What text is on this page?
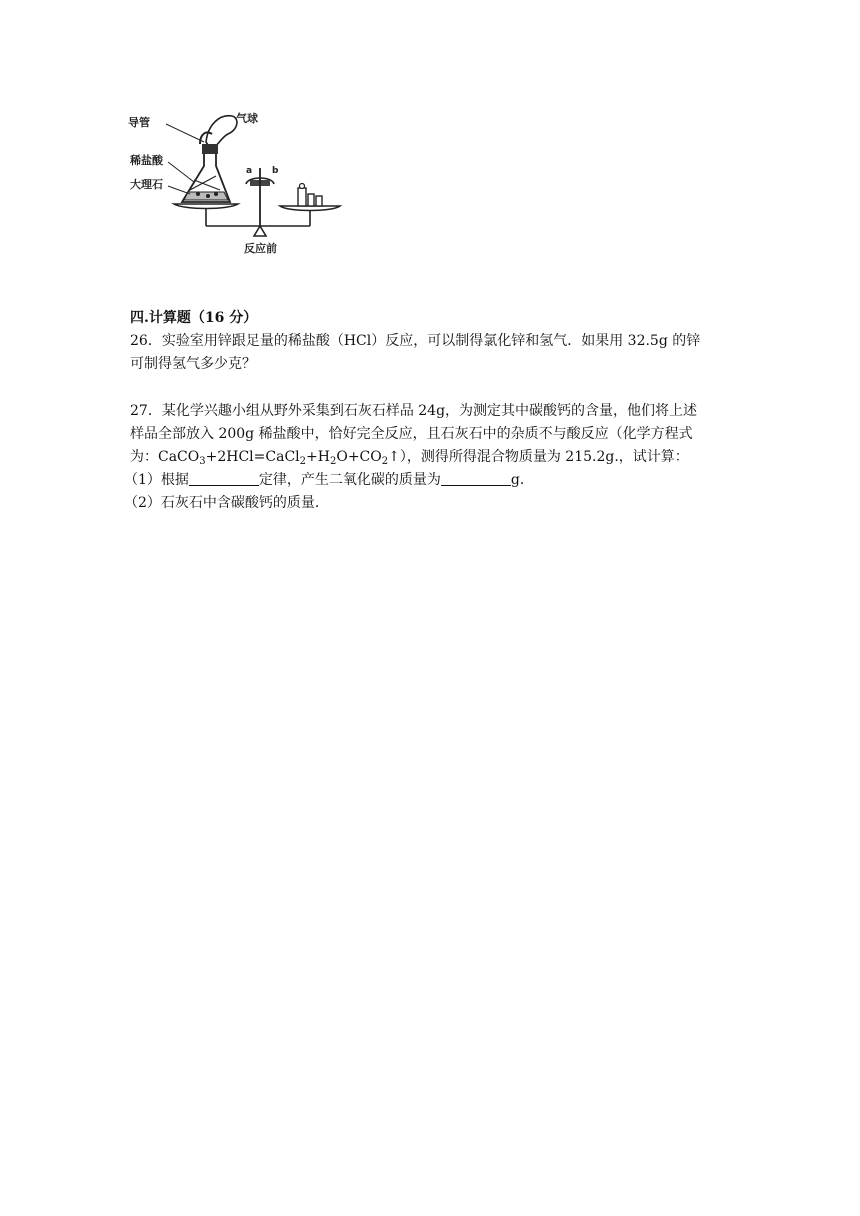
导管	气球
稀盐酸
大理石
a b
反应前
四.计算题（16 分）
26．实验室用锌跟足量的稀盐酸（HCl）反应，可以制得氯化锌和氢气．如果用 32.5g 的锌
可制得氢气多少克？
27．某化学兴趣小组从野外采集到石灰石样品 24g，为测定其中碳酸钙的含量，他们将上述
样品全部放入 200g 稀盐酸中，恰好完全反应，且石灰石中的杂质不与酸反应（化学方程式
为：$CaCO_3+2HCl=CaCl_2+H_2O+CO_2↑$），测得所得混合物质量为 215.2g.，试计算：
（1）根据	定律，产生二氧化碳的质量为	g．
（2）石灰石中含碳酸钙的质量．
